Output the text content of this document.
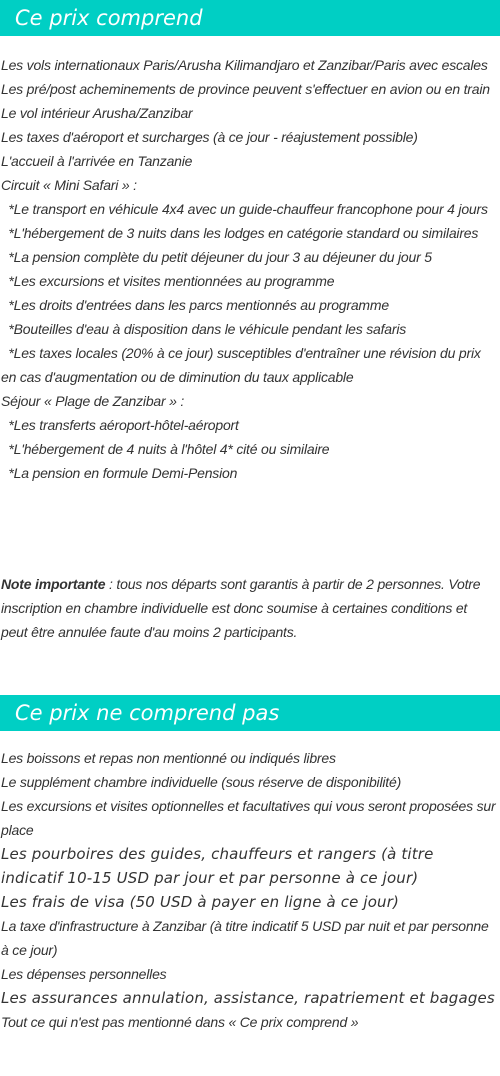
Ce prix comprend

Les vols internationaux Paris/Arusha Kilimandjaro et Zanzibar/Paris avec escales

Les pré/post acheminements de province peuvent s'effectuer en avion ou en train

Le vol intérieur Arusha/Zanzibar

Les taxes d'aéroport et surcharges (à ce jour - réajustement possible)

L'accueil à l'arrivée en Tanzanie

Circuit « Mini Safari » :

*Le transport en véhicule 4x4 avec un guide-chauffeur francophone pour 4 jours

*L'hébergement de 3 nuits dans les lodges en catégorie standard ou similaires

*La pension complète du petit déjeuner du jour 3 au déjeuner du jour 5

*Les excursions et visites mentionnées au programme

*Les droits d'entrées dans les parcs mentionnés au programme

*Bouteilles d'eau à disposition dans le véhicule pendant les safaris

*Les taxes locales (20% à ce jour) susceptibles d'entraîner une révision du prix en cas d'augmentation ou de diminution du taux applicable

Séjour « Plage de Zanzibar » :

*Les transferts aéroport-hôtel-aéroport

*L'hébergement de 4 nuits à l'hôtel 4* cité ou similaire

*La pension en formule Demi-Pension

Note importante : tous nos départs sont garantis à partir de 2 personnes. Votre inscription en chambre individuelle est donc soumise à certaines conditions et peut être annulée faute d'au moins 2 participants.

Ce prix ne comprend pas

Les boissons et repas non mentionné ou indiqués libres

Le supplément chambre individuelle (sous réserve de disponibilité)

Les excursions et visites optionnelles et facultatives qui vous seront proposées sur place

Les pourboires des guides, chauffeurs et rangers (à titre indicatif 10-15 USD par jour et par personne à ce jour)

Les frais de visa (50 USD à payer en ligne à ce jour)

La taxe d'infrastructure à Zanzibar (à titre indicatif 5 USD par nuit et par personne à ce jour)

Les dépenses personnelles

Les assurances annulation, assistance, rapatriement et bagages

Tout ce qui n'est pas mentionné dans « Ce prix comprend »
